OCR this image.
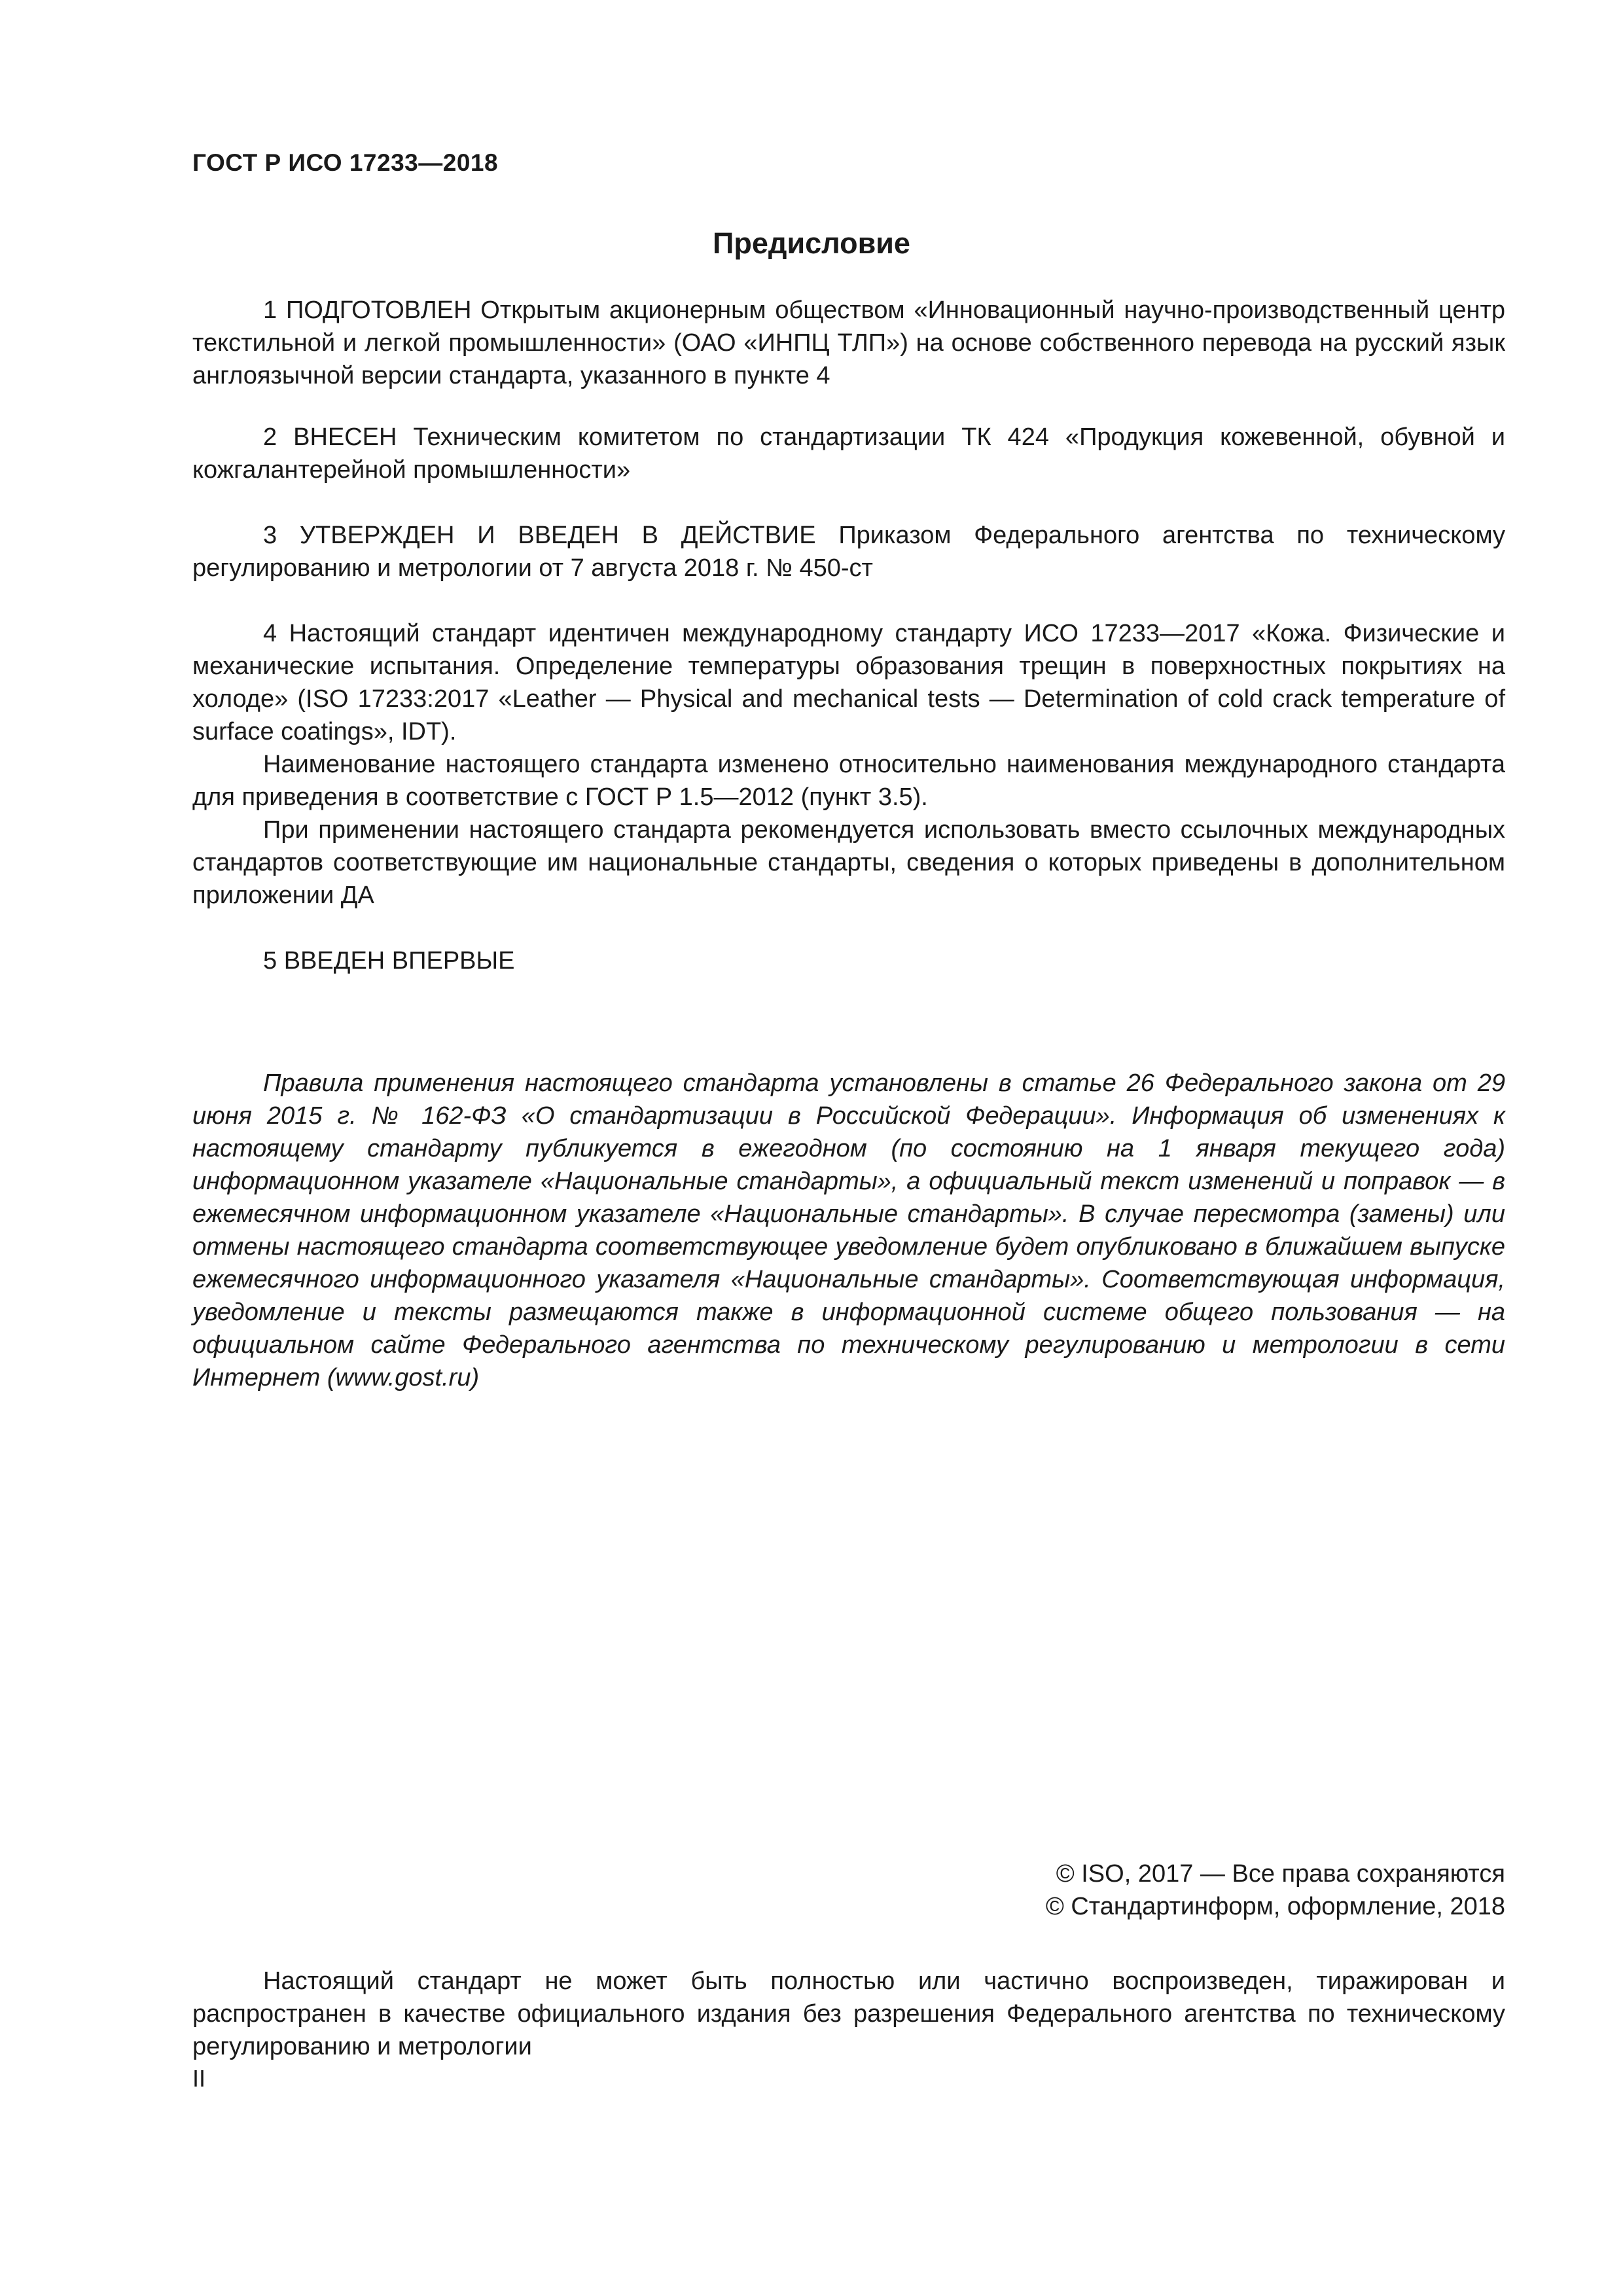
ГОСТ Р ИСО 17233—2018
Предисловие

1 ПОДГОТОВЛЕН Открытым акционерным обществом «Инновационный научно-производственный центр текстильной и легкой промышленности» (ОАО «ИНПЦ ТЛП») на основе собственного перевода на русский язык англоязычной версии стандарта, указанного в пункте 4

2 ВНЕСЕН Техническим комитетом по стандартизации ТК 424 «Продукция кожевенной, обувной и кожгалантерейной промышленности»

3 УТВЕРЖДЕН И ВВЕДЕН В ДЕЙСТВИЕ Приказом Федерального агентства по техническому регулированию и метрологии от 7 августа 2018 г. № 450-ст

4 Настоящий стандарт идентичен международному стандарту ИСО 17233—2017 «Кожа. Физические и механические испытания. Определение температуры образования трещин в поверхностных покрытиях на холоде» (ISO 17233:2017 «Leather — Physical and mechanical tests — Determination of cold crack temperature of surface coatings», IDT).

Наименование настоящего стандарта изменено относительно наименования международного стандарта для приведения в соответствие с ГОСТ Р 1.5—2012 (пункт 3.5).

При применении настоящего стандарта рекомендуется использовать вместо ссылочных международных стандартов соответствующие им национальные стандарты, сведения о которых приведены в дополнительном приложении ДА

5 ВВЕДЕН ВПЕРВЫЕ

Правила применения настоящего стандарта установлены в статье 26 Федерального закона от 29 июня 2015 г. № 162-ФЗ «О стандартизации в Российской Федерации». Информация об изменениях к настоящему стандарту публикуется в ежегодном (по состоянию на 1 января текущего года) информационном указателе «Национальные стандарты», а официальный текст изменений и поправок — в ежемесячном информационном указателе «Национальные стандарты». В случае пересмотра (замены) или отмены настоящего стандарта соответствующее уведомление будет опубликовано в ближайшем выпуске ежемесячного информационного указателя «Национальные стандарты». Соответствующая информация, уведомление и тексты размещаются также в информационной системе общего пользования — на официальном сайте Федерального агентства по техническому регулированию и метрологии в сети Интернет (www.gost.ru)

© ISO, 2017 — Все права сохраняются
© Стандартинформ, оформление, 2018

Настоящий стандарт не может быть полностью или частично воспроизведен, тиражирован и распространен в качестве официального издания без разрешения Федерального агентства по техническому регулированию и метрологии

II
